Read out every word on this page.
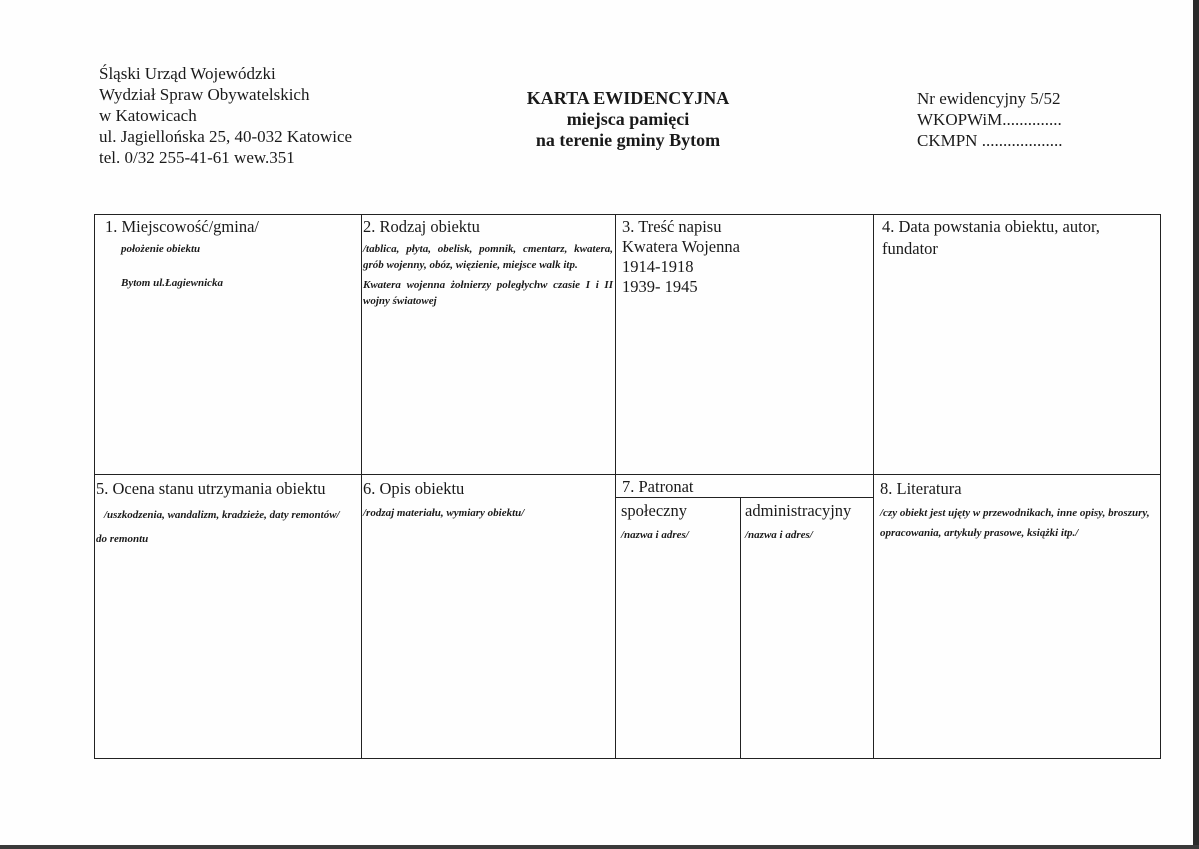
Śląski Urząd Wojewódzki
Wydział Spraw Obywatelskich
w Katowicach
ul. Jagiellońska 25, 40-032 Katowice
tel. 0/32 255-41-61 wew.351
KARTA EWIDENCYJNA
miejsca pamięci
na terenie gminy Bytom
Nr ewidencyjny 5/52
WKOPWiM..............
CKMPN ...................
1. Miejscowość/gmina/
położenie obiektu
Bytom ul.Łagiewnicka
2. Rodzaj obiektu
/tablica, płyta, obelisk, pomnik, cmentarz, kwatera, grób wojenny, obóz, więzienie, miejsce walk itp.
Kwatera wojenna żołnierzy poległychw czasie I i II wojny światowej
3. Treść napisu
Kwatera Wojenna
1914-1918
1939- 1945
4. Data powstania obiektu, autor,
fundator
5. Ocena stanu utrzymania obiektu
/uszkodzenia, wandalizm, kradzieże, daty remontów/
do remontu
6. Opis obiektu
/rodzaj materiału, wymiary obiektu/
7. Patronat
społeczny
/nazwa i adres/
administracyjny
/nazwa i adres/
8. Literatura
/czy obiekt jest ujęty w przewodnikach, inne opisy, broszury, opracowania, artykuły prasowe, książki itp./
